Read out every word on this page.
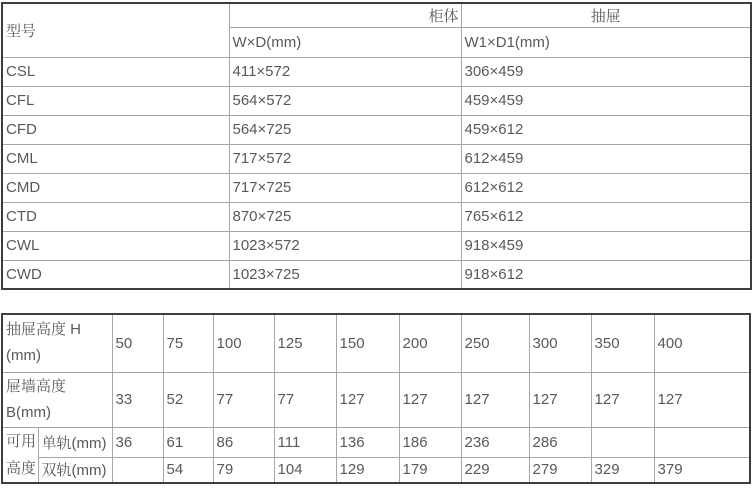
型号	柜体	抽屉
	W×D(mm)	W1×D1(mm)
CSL	411×572	306×459
CFL	564×572	459×459
CFD	564×725	459×612
CML	717×572	612×459
CMD	717×725	612×612
CTD	870×725	765×612
CWL	1023×572	918×459
CWD	1023×725	918×612
抽屉高度 H
(mm)		50	75	100	125	150	200	250	300	350	400

屉墙高度
B(mm)		33	52	77	77	127	127	127	127	127	127

可用
高度	单轨(mm)	36	61	86	111	136	186	236	286		
	双轨(mm)		54	79	104	129	179	229	279	329	379
